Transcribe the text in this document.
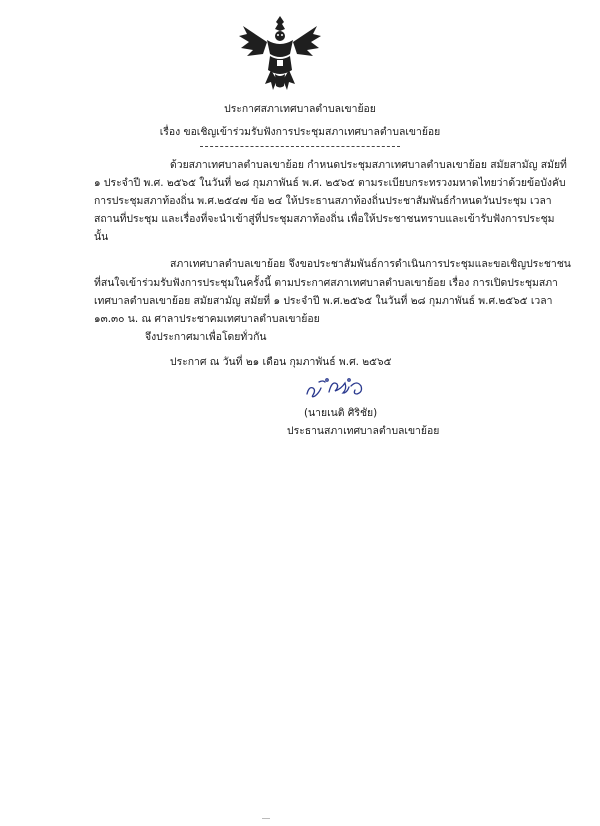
ประกาศสภาเทศบาลตำบลเขาย้อย
เรื่อง ขอเชิญเข้าร่วมรับฟังการประชุมสภาเทศบาลตำบลเขาย้อย
ด้วยสภาเทศบาลตำบลเขาย้อย กำหนดประชุมสภาเทศบาลตำบลเขาย้อย สมัยสามัญ สมัยที่
๑ ประจำปี พ.ศ. ๒๕๖๕ ในวันที่ ๒๘ กุมภาพันธ์ พ.ศ. ๒๕๖๕ ตามระเบียบกระทรวงมหาดไทยว่าด้วยข้อบังคับ
การประชุมสภาท้องถิ่น พ.ศ.๒๕๔๗ ข้อ ๒๔ ให้ประธานสภาท้องถิ่นประชาสัมพันธ์กำหนดวันประชุม เวลา
สถานที่ประชุม และเรื่องที่จะนำเข้าสู่ที่ประชุมสภาท้องถิ่น เพื่อให้ประชาชนทราบและเข้ารับฟังการประชุม
นั้น
สภาเทศบาลตำบลเขาย้อย จึงขอประชาสัมพันธ์การดำเนินการประชุมและขอเชิญประชาชน
ที่สนใจเข้าร่วมรับฟังการประชุมในครั้งนี้ ตามประกาศสภาเทศบาลตำบลเขาย้อย เรื่อง การเปิดประชุมสภา
เทศบาลตำบลเขาย้อย สมัยสามัญ สมัยที่ ๑ ประจำปี พ.ศ.๒๕๖๕ ในวันที่ ๒๘ กุมภาพันธ์ พ.ศ.๒๕๖๕ เวลา
๑๓.๓๐ น. ณ ศาลาประชาคมเทศบาลตำบลเขาย้อย
จึงประกาศมาเพื่อโดยทั่วกัน
ประกาศ ณ วันที่ ๒๑ เดือน กุมภาพันธ์ พ.ศ. ๒๕๖๕
(นายเนติ ศิริชัย)
ประธานสภาเทศบาลตำบลเขาย้อย
